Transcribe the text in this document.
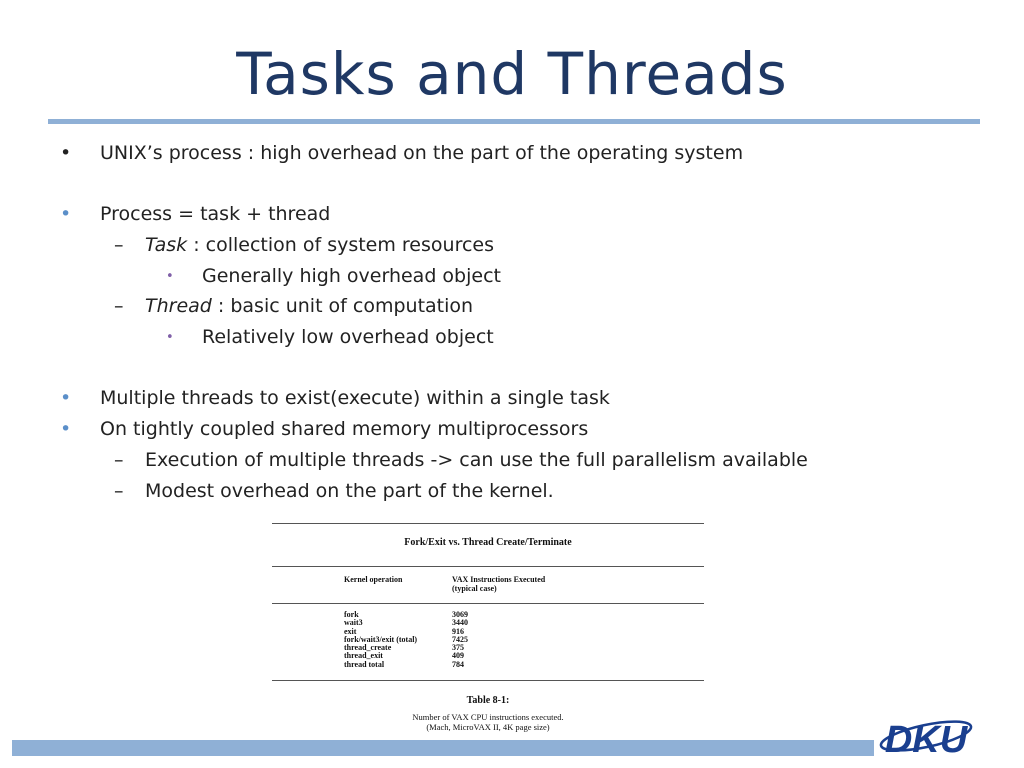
Tasks and Threads
• UNIX’s process : high overhead on the part of the operating system
• Process = task + thread
– Task : collection of system resources
• Generally high overhead object
– Thread : basic unit of computation
• Relatively low overhead object
• Multiple threads to exist(execute) within a single task
• On tightly coupled shared memory multiprocessors
– Execution of multiple threads -> can use the full parallelism available
– Modest overhead on the part of the kernel.
Fork/Exit vs. Thread Create/Terminate
Kernel operation	VAX Instructions Executed
(typical case)
fork
wait3
exit
fork/wait3/exit (total)
thread_create
thread_exit
thread total
3069
3440
916
7425
375
409
784
Table 8-1:
Number of VAX CPU instructions executed.
(Mach, MicroVAX II, 4K page size)	DKU
